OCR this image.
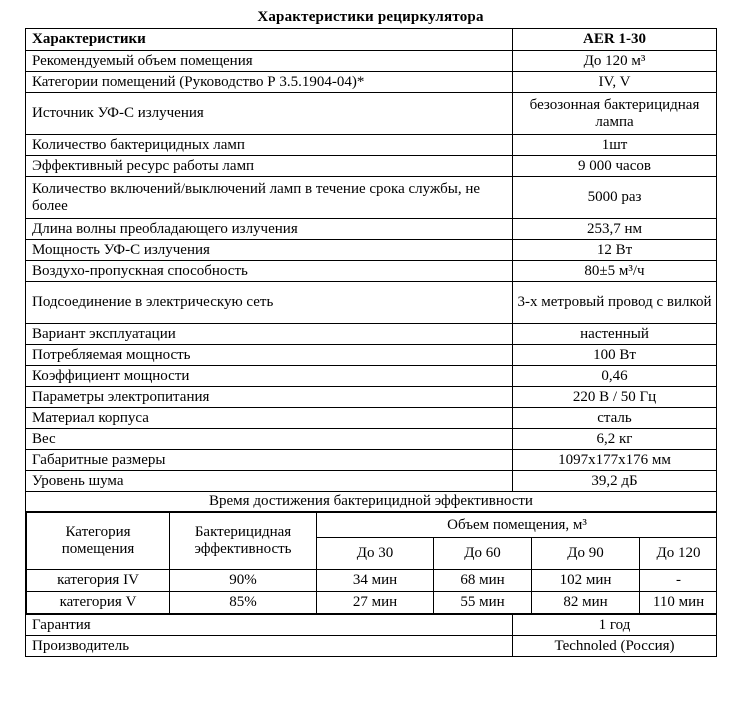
Характеристики рециркулятора
Характеристики	AER 1-30
Рекомендуемый объем помещения	До 120 м³
Категории помещений (Руководство Р 3.5.1904-04)*	IV, V
Источник УФ-С излучения	безозонная бактерицидная лампа
Количество бактерицидных ламп	1шт
Эффективный ресурс работы ламп	9 000 часов
Количество включений/выключений ламп в течение срока службы, не более	5000 раз
Длина волны преобладающего излучения	253,7 нм
Мощность УФ-С излучения	12 Вт
Воздухо-пропускная способность	80±5 м³/ч
Подсоединение в электрическую сеть	3-х метровый провод с вилкой
Вариант эксплуатации	настенный
Потребляемая мощность	100 Вт
Коэффициент мощности	0,46
Параметры электропитания	220 В / 50 Гц
Материал корпуса	сталь
Вес	6,2 кг
Габаритные размеры	1097x177x176 мм
Уровень шума	39,2 дБ
Время достижения бактерицидной эффективности

Категория помещения	Бактерицидная эффективность	Объем помещения, м³
До 30	До 60	До 90	До 120
категория IV	90%	34 мин	68 мин	102 мин	-
категория V	85%	27 мин	55 мин	82 мин	110 мин

Гарантия	1 год
Производитель	Technoled (Россия)
